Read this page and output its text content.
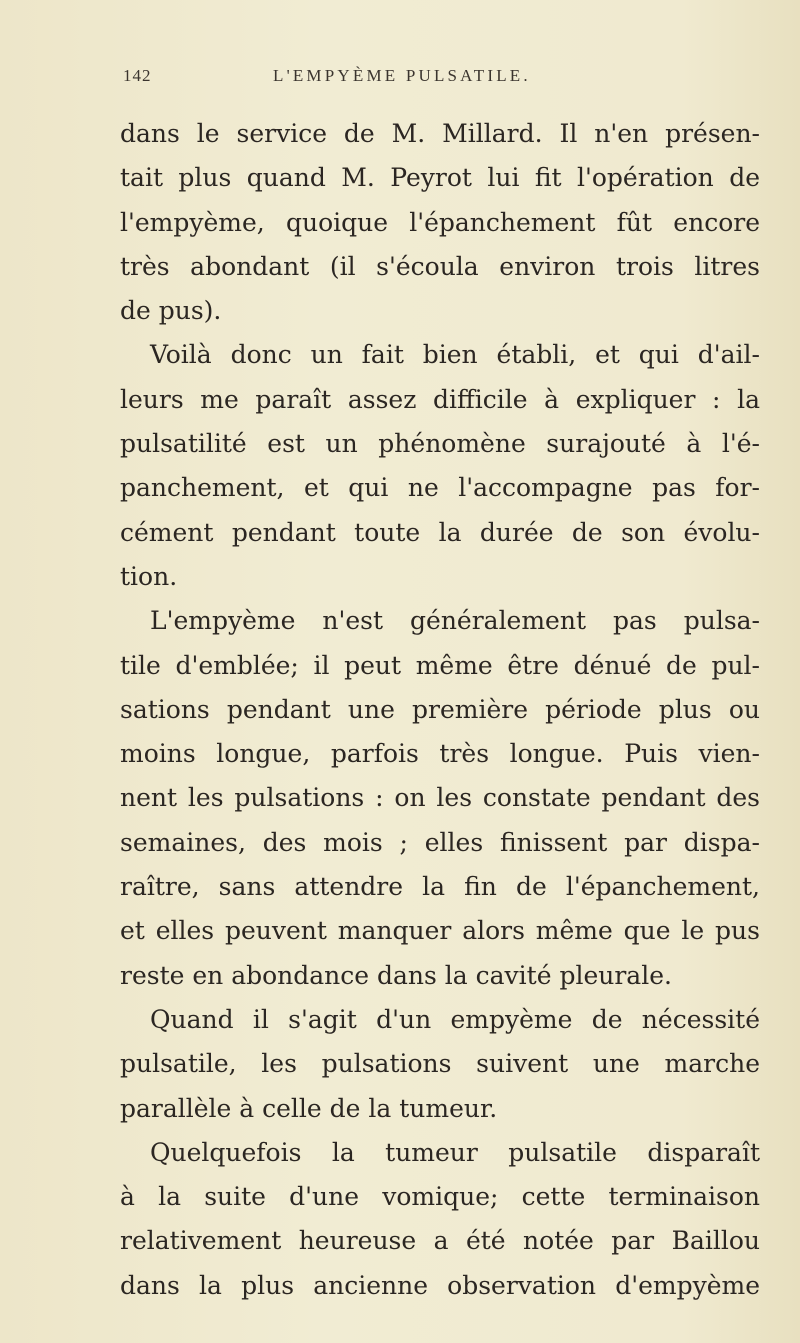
142	L'EMPYÈME PULSATILE.
dans le service de M. Millard. Il n'en présen-
tait plus quand M. Peyrot lui fit l'opération de
l'empyème, quoique l'épanchement fût encore
très abondant (il s'écoula environ trois litres
de pus).
Voilà donc un fait bien établi, et qui d'ail-
leurs me paraît assez difficile à expliquer : la
pulsatilité est un phénomène surajouté à l'é-
panchement, et qui ne l'accompagne pas for-
cément pendant toute la durée de son évolu-
tion.
L'empyème n'est généralement pas pulsa-
tile d'emblée; il peut même être dénué de pul-
sations pendant une première période plus ou
moins longue, parfois très longue. Puis vien-
nent les pulsations : on les constate pendant des
semaines, des mois ; elles finissent par dispa-
raître, sans attendre la fin de l'épanchement,
et elles peuvent manquer alors même que le pus
reste en abondance dans la cavité pleurale.
Quand il s'agit d'un empyème de nécessité
pulsatile, les pulsations suivent une marche
parallèle à celle de la tumeur.
Quelquefois la tumeur pulsatile disparaît
à la suite d'une vomique; cette terminaison
relativement heureuse a été notée par Baillou
dans la plus ancienne observation d'empyème
